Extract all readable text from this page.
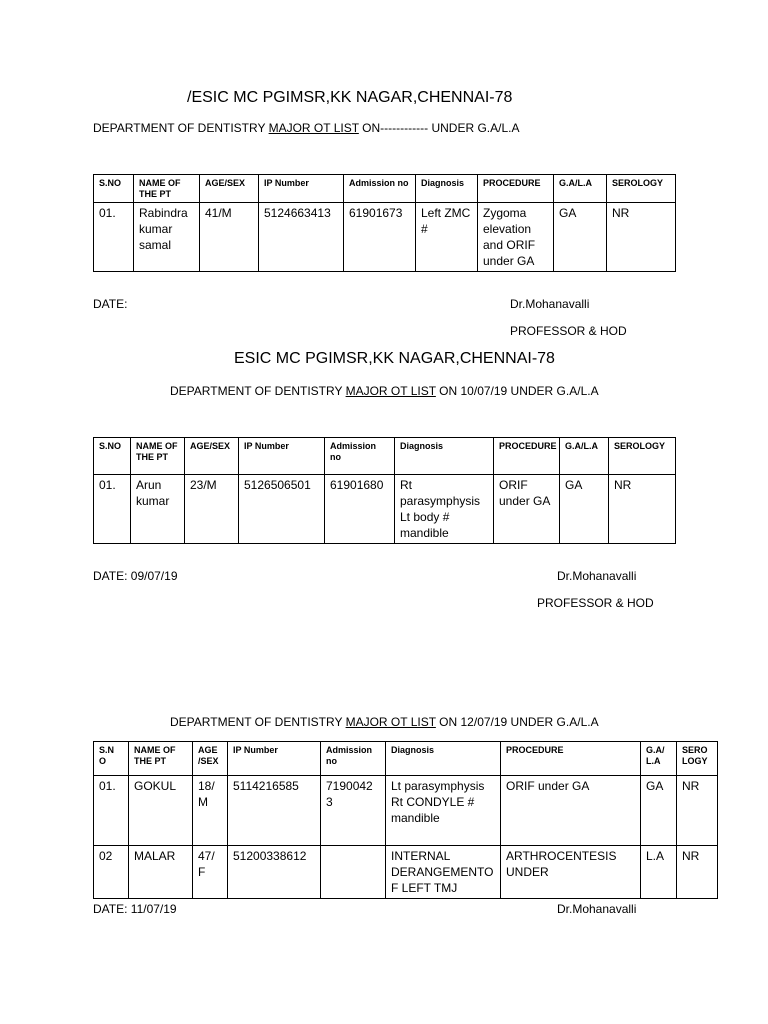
/ESIC MC PGIMSR,KK NAGAR,CHENNAI-78
DEPARTMENT OF DENTISTRY MAJOR OT LIST ON------------ UNDER G.A/L.A
S.NO	NAME OF THE PT	AGE/SEX	IP Number	Admission no	Diagnosis	PROCEDURE	G.A/L.A	SEROLOGY
01.	Rabindra kumar samal	41/M	5124663413	61901673	Left ZMC #	Zygoma elevation and ORIF under GA	GA	NR
DATE:	Dr.Mohanavalli
PROFESSOR & HOD
ESIC MC PGIMSR,KK NAGAR,CHENNAI-78
DEPARTMENT OF DENTISTRY MAJOR OT LIST ON 10/07/19 UNDER G.A/L.A
S.NO	NAME OF THE PT	AGE/SEX	IP Number	Admission no	Diagnosis	PROCEDURE	G.A/L.A	SEROLOGY
01.	Arun kumar	23/M	5126506501	61901680	Rt parasymphysis Lt body # mandible	ORIF under GA	GA	NR
DATE: 09/07/19	Dr.Mohanavalli
PROFESSOR & HOD
DEPARTMENT OF DENTISTRY MAJOR OT LIST ON 12/07/19 UNDER G.A/L.A
S.N O	NAME OF THE PT	AGE /SEX	IP Number	Admission no	Diagnosis	PROCEDURE	G.A/ L.A	SERO LOGY
01.	GOKUL	18/ M	5114216585	7190042 3	Lt parasymphysis Rt CONDYLE # mandible	ORIF under GA	GA	NR
02	MALAR	47/ F	51200338612		INTERNAL DERANGEMENTO F LEFT TMJ	ARTHROCENTESIS UNDER	L.A	NR
DATE: 11/07/19	Dr.Mohanavalli
